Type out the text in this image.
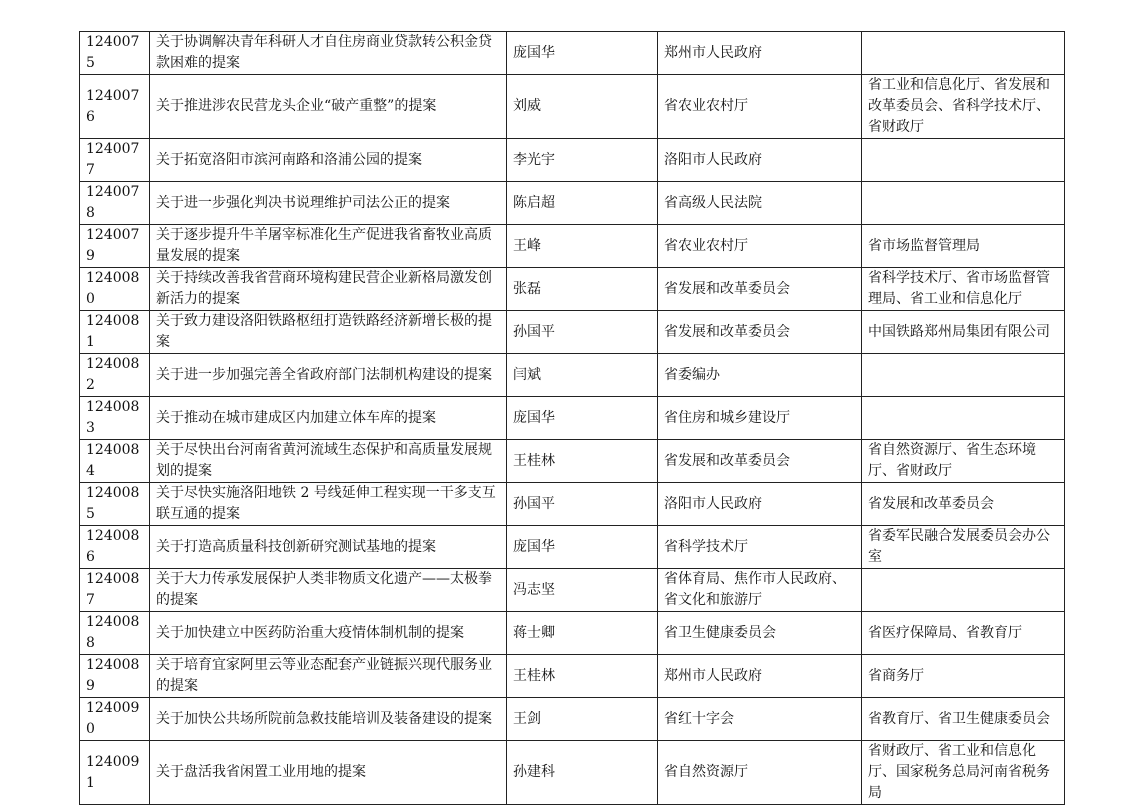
1240075	关于协调解决青年科研人才自住房商业贷款转公积金贷款困难的提案	庞国华	郑州市人民政府	
1240076	关于推进涉农民营龙头企业“破产重整”的提案	刘威	省农业农村厅	省工业和信息化厅、省发展和改革委员会、省科学技术厅、省财政厅
1240077	关于拓宽洛阳市滨河南路和洛浦公园的提案	李光宇	洛阳市人民政府	
1240078	关于进一步强化判决书说理维护司法公正的提案	陈启超	省高级人民法院	
1240079	关于逐步提升牛羊屠宰标准化生产促进我省畜牧业高质量发展的提案	王峰	省农业农村厅	省市场监督管理局
1240080	关于持续改善我省营商环境构建民营企业新格局激发创新活力的提案	张磊	省发展和改革委员会	省科学技术厅、省市场监督管理局、省工业和信息化厅
1240081	关于致力建设洛阳铁路枢纽打造铁路经济新增长极的提案	孙国平	省发展和改革委员会	中国铁路郑州局集团有限公司
1240082	关于进一步加强完善全省政府部门法制机构建设的提案	闫斌	省委编办	
1240083	关于推动在城市建成区内加建立体车库的提案	庞国华	省住房和城乡建设厅	
1240084	关于尽快出台河南省黄河流域生态保护和高质量发展规划的提案	王桂林	省发展和改革委员会	省自然资源厅、省生态环境厅、省财政厅
1240085	关于尽快实施洛阳地铁 2 号线延伸工程实现一干多支互联互通的提案	孙国平	洛阳市人民政府	省发展和改革委员会
1240086	关于打造高质量科技创新研究测试基地的提案	庞国华	省科学技术厅	省委军民融合发展委员会办公室
1240087	关于大力传承发展保护人类非物质文化遗产——太极拳的提案	冯志坚	省体育局、焦作市人民政府、省文化和旅游厅	
1240088	关于加快建立中医药防治重大疫情体制机制的提案	蒋士卿	省卫生健康委员会	省医疗保障局、省教育厅
1240089	关于培育宜家阿里云等业态配套产业链振兴现代服务业的提案	王桂林	郑州市人民政府	省商务厅
1240090	关于加快公共场所院前急救技能培训及装备建设的提案	王剑	省红十字会	省教育厅、省卫生健康委员会
1240091	关于盘活我省闲置工业用地的提案	孙建科	省自然资源厅	省财政厅、省工业和信息化厅、国家税务总局河南省税务局
